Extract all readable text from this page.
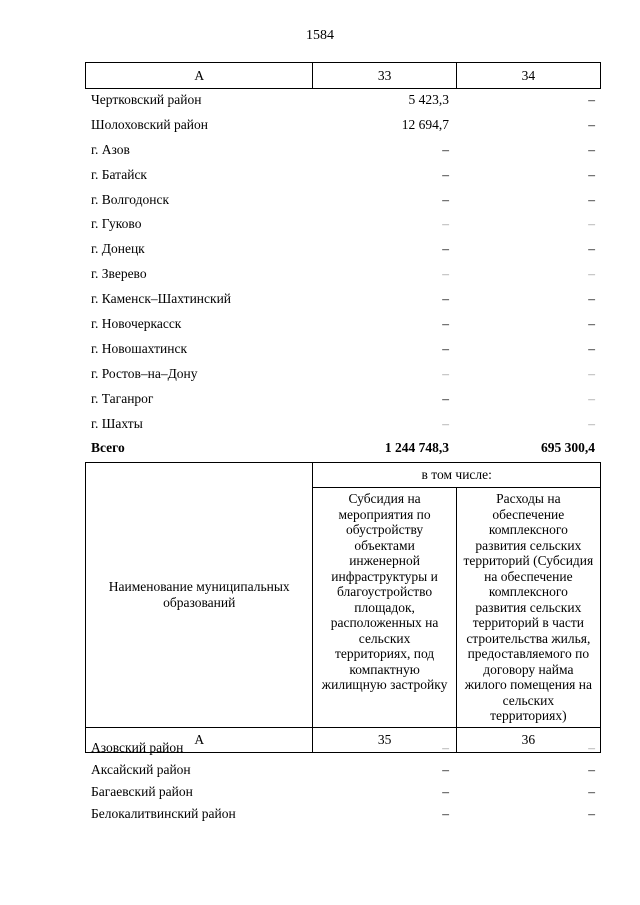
1584
А	33	34
Чертковский район	5 423,3	–
Шолоховский район	12 694,7	–
г. Азов	–	–
г. Батайск	–	–
г. Волгодонск	–	–
г. Гуково	–	–
г. Донецк	–	–
г. Зверево	–	–
г. Каменск–Шахтинский	–	–
г. Новочеркасск	–	–
г. Новошахтинск	–	–
г. Ростов–на–Дону	–	–
г. Таганрог	–	–
г. Шахты	–	–
Всего	1 244 748,3	695 300,4
Наименование муниципальных образований	в том числе:	
	Субсидия на мероприятия по обустройству объектами инженерной инфраструктуры и благоустройство площадок, расположенных на сельских территориях, под компактную жилищную застройку	Расходы на обеспечение комплексного развития сельских территорий (Субсидия на обеспечение комплексного развития сельских территорий в части строительства жилья, предоставляемого по договору найма жилого помещения на сельских территориях)
А	35	36
Азовский район	–	–
Аксайский район	–	–
Багаевский район	–	–
Белокалитвинский район	–	–
